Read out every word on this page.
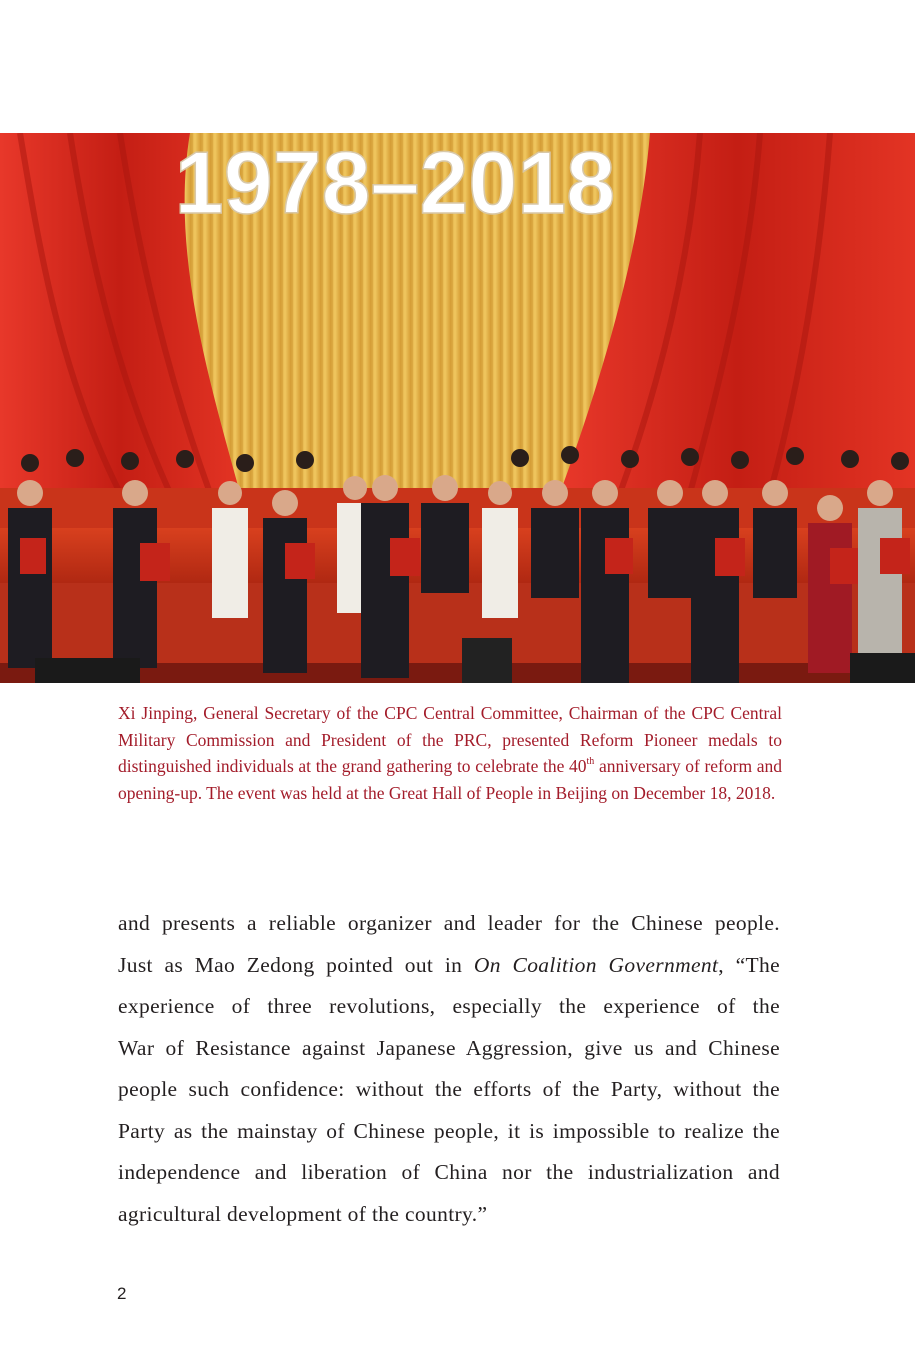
1978–2018
Xi Jinping, General Secretary of the CPC Central Committee, Chairman of the CPC Central Military Commission and President of the PRC, presented Reform Pioneer medals to distinguished individuals at the grand gathering to celebrate the 40th anniversary of reform and opening-up. The event was held at the Great Hall of People in Beijing on December 18, 2018.
and presents a reliable organizer and leader for the Chinese people.
Just as Mao Zedong pointed out in On Coalition Government, “The
experience of three revolutions, especially the experience of the
War of Resistance against Japanese Aggression, give us and Chinese
people such confidence: without the efforts of the Party, without the
Party as the mainstay of Chinese people, it is impossible to realize the
independence and liberation of China nor the industrialization and
agricultural development of the country.”
2
